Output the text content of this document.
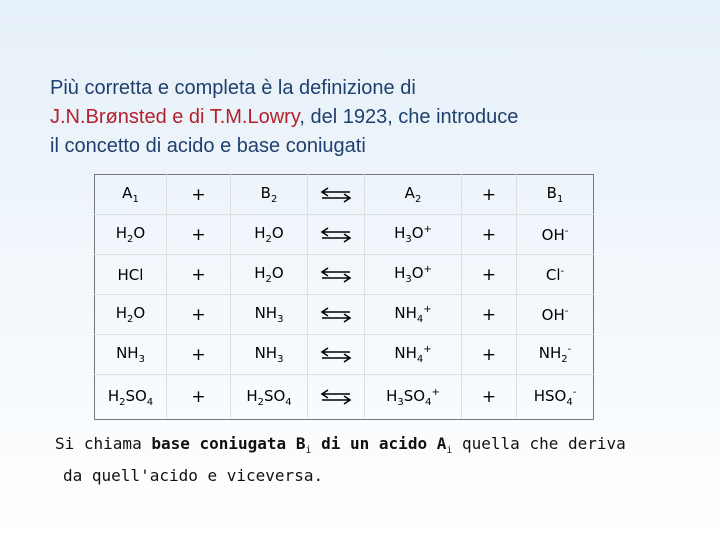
Più corretta e completa è la definizione di
J.N.Brønsted e di T.M.Lowry, del 1923, che introduce
il concetto di acido e base coniugati
$A_1$	+	$B_2$		$A_2$	+	$B_1$
$H_2O$	+	$H_2O$		$H_3O^+$	+	OH-
HCl	+	$H_2O$		$H_3O^+$	+	Cl-
$H_2O$	+	$NH_3$		$NH_4^+$	+	OH-
$NH_3$	+	$NH_3$		$NH_4^+$	+	$NH_2^-$
$H_2SO_4$	+	$H_2SO_4$		$H_3SO_4^+$	+	$HSO_4^-$
Si chiama base coniugata $B_i$ di un acido $A_i$ quella che deriva
da quell'acido e viceversa.
